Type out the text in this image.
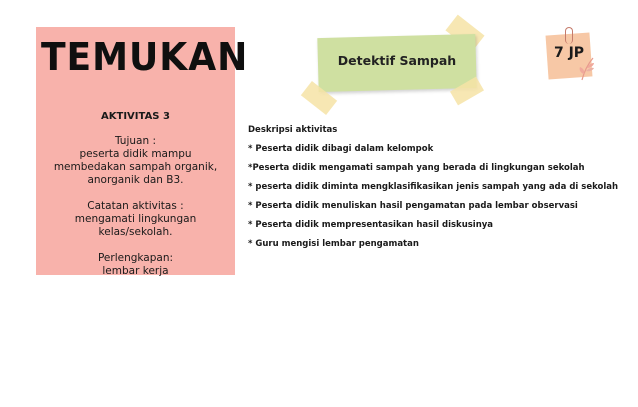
TEMUKAN
AKTIVITAS 3
Tujuan :
peserta didik mampu
membedakan sampah organik,
anorganik dan B3.
Catatan aktivitas :
mengamati lingkungan
kelas/sekolah.
Perlengkapan:
lembar kerja
Detektif Sampah	7 JP
Deskripsi aktivitas
* Peserta didik dibagi dalam kelompok
*Peserta didik mengamati sampah yang berada di lingkungan sekolah
* peserta didik diminta mengklasifikasikan jenis sampah yang ada di sekolah
* Peserta didik menuliskan hasil pengamatan pada lembar observasi
* Peserta didik mempresentasikan hasil diskusinya
* Guru mengisi lembar pengamatan
